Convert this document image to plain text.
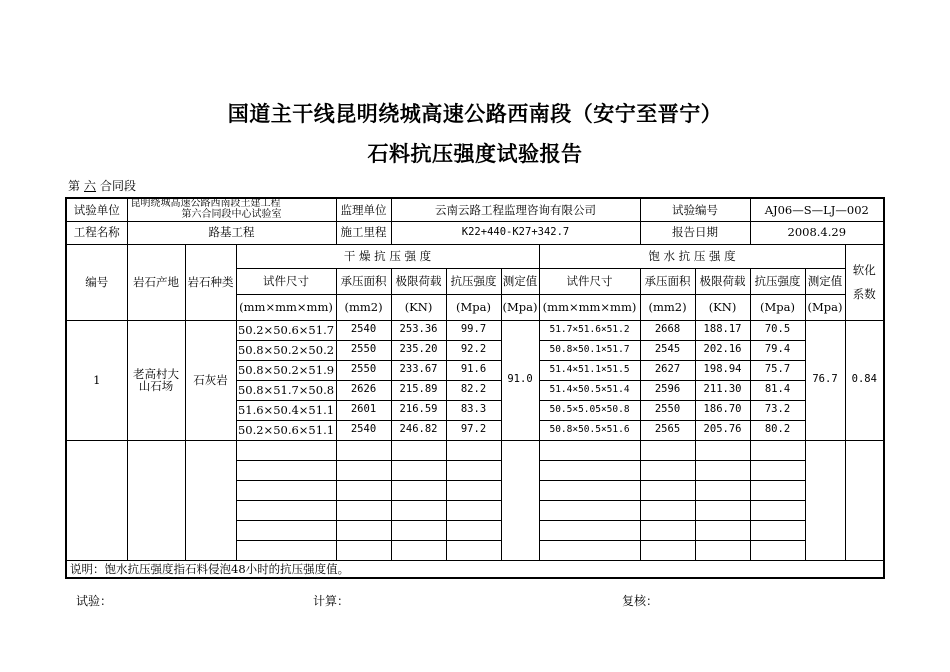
国道主干线昆明绕城高速公路西南段（安宁至晋宁）
石料抗压强度试验报告
第 六 合同段
试验单位	昆明绕城高速公路西南段土建工程
第六合同段中心试验室			监理单位	云南云路工程监理咨询有限公司				试验编号		AJ06—S—LJ—002		
工程名称	路基工程			施工里程	K22+440-K27+342.7				报告日期		2008.4.29		
编号	岩石产地	岩石种类	干 燥 抗 压 强 度					饱 水 抗 压 强 度					软化
系数

			试件尺寸	承压面积	极限荷载	抗压强度	测定值	试件尺寸	承压面积	极限荷载	抗压强度	测定值	
			(mm×mm×mm)	(mm2)	(KN)	(Mpa)	(Mpa)	(mm×mm×mm)	(mm2)	(KN)	(Mpa)	(Mpa)	
1	老高村大
山石场	石灰岩	50.2×50.6×51.7	2540	253.36	99.7	91.0	51.7×51.6×51.2	2668	188.17	70.5	76.7	0.84
			50.8×50.2×50.2	2550	235.20	92.2		50.8×50.1×51.7	2545	202.16	79.4		
			50.8×50.2×51.9	2550	233.67	91.6		51.4×51.1×51.5	2627	198.94	75.7		
			50.8×51.7×50.8	2626	215.89	82.2		51.4×50.5×51.4	2596	211.30	81.4		
			51.6×50.4×51.1	2601	216.59	83.3		50.5×5.05×50.8	2550	186.70	73.2		
			50.2×50.6×51.1	2540	246.82	97.2		50.8×50.5×51.6	2565	205.76	80.2		

说明：饱水抗压强度指石料侵泡48小时的抗压强度值。													
试验：	计算：	复核：
